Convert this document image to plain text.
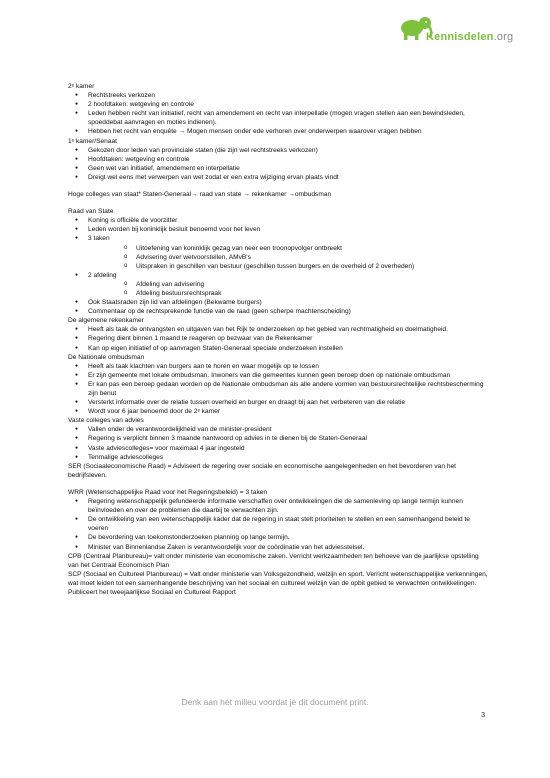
Kennisdelen.org
2ᵉ kamer
● Rechtstreeks verkozen
● 2 hoofdtaken: wetgeving en controle
● Leden hebben recht van initiatief, recht van amendement en recht van interpellatie (mogen vragen stellen aan een bewindsleden, spoeddebat aanvragen en moties indienen).
● Hebben het recht van enquête → Mogen mensen onder ede verhoren over onderwerpen waarover vragen hebben
1ᵉ kamer/Senaat
● Gekozen door leden van provinciale staten (die zijn wel rechtstreeks verkozen)
● Hoofdtaken: wetgeving en controle
● Geen wet van initiatief, amendement en interpellatie
● Dreigt wel eens met verwerpen van wet zodat er een extra wijziging ervan plaats vindt
Hoge colleges van staat* Staten-Generaal→ raad van state → rekenkamer →ombudsman
Raad van State
● Koning is officiële de voorzitter
● Leden worden bij koninklijk besluit benoemd voor het leven
● 3 taken
o Uitoefening van koninklijk gezag van neer een troonopvolger ontbreekt
o Advisering over wetvoorstellen, AMvB's
o Uitspraken in geschillen van bestuur (geschillen tussen burgers en de overheid of 2 overheden)
● 2 afdeling
o Afdeling van advisering
o Afdeling bestuursrechtspraak
● Ook Staatsraden zijn lid van afdelingen (Bekwame burgers)
● Commentaar op de rechtsprekende functie van de raad (geen scherpe machtenscheiding)
De algemene rekenkamer
● Heeft als taak de ontvangsten en uitgaven van het Rijk te onderzoeken op het gebied van rechtmatigheid en doelmatigheid.
● Regering dient binnen 1 maand te reageren op bezwaar van de Rekenkamer
● Kan op eigen initiatief of op aanvragen Staten-Generaal speciale onderzoeken instellen
De Nationale ombudsman
● Heeft als taak klachten van burgers aan te horen en waar mogelijk op te lossen
● Er zijn gemeente met lokale ombudsman. Inwoners van die gemeentes kunnen geen beroep doen op nationale ombudsman
● Er kan pas een beroep gedaan worden op de Nationale ombudsman als alle andere vormen van bestuursrechtelijke rechtsbescherming zijn benut
● Versterkt informatie over de relatie tussen overheid en burger en draagt bij aan het verbeteren van die relatie
● Wordt voor 6 jaar benoemd door de 2ᵉ kamer
Vaste colleges van advies
● Vallen onder de verantwoordelijkheid van de minister-president
● Regering is verplicht binnen 3 maande nantwoord op advies in te dienen bij de Staten-Generaal
● Vaste adviescolleges= voor maximaal 4 jaar ingesteld
● Tenmalige adviescolleges
SER (Sociaaleconomische Raad) = Adviseert de regering over sociale en economische aangelegenheden en het bevorderen van het bedrijfsleven.
WRR (Wetenschappelijke Raad voor het Regeringsbeleid) = 3 taken
● Regering wetenschappelijk gefundeerde informatie verschaffen over ontwikkelingen die de samenleving op lange termijn kunnen beïnvloeden en over de problemen die daarbij te verwachten zijn.
● De ontwikkeling van een wetenschappelijk kader dat de regering in staat stelt prioriteiten te stellen en een samenhangend beleid te voeren
● De bevordering van toekomstonderzoeken planning op lange termijn.
● Minister van Binnenlandse Zaken is verantwoordelijk voor de coördinatie van het adviesstelsel.
CPB (Centraal Planbureau)= valt onder ministerie van economische zaken. Verricht werkzaamheden ten behoeve van de jaarlijkse opstelling van het Centraal Economisch Plan
SCP (Sociaal en Cultureel Planbureau) = Valt onder ministerie van Volksgezondheid, welzijn en sport. Verricht wetenschappelijke verkenningen, wat moet leiden tot een samenhangende beschrijving van het sociaal en cultureel welzijn van de opbit gebied te verwachten ontwikkelingen. Publiceert het tweejaarlijkse Sociaal en Cultureel Rapport
Denk aan het milieu voordat je dit document print.
3
